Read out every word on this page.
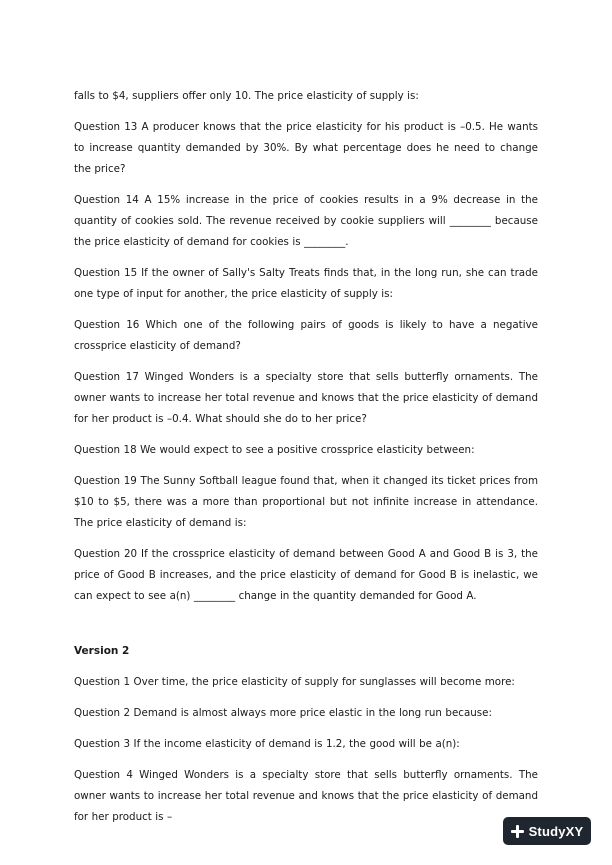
falls to $4, suppliers offer only 10. The price elasticity of supply is:

Question 13 A producer knows that the price elasticity for his product is –0.5. He wants to increase quantity demanded by 30%. By what percentage does he need to change the price?

Question 14 A 15% increase in the price of cookies results in a 9% decrease in the quantity of cookies sold. The revenue received by cookie suppliers will ________ because the price elasticity of demand for cookies is ________.

Question 15 If the owner of Sally's Salty Treats finds that, in the long run, she can trade one type of input for another, the price elasticity of supply is:

Question 16 Which one of the following pairs of goods is likely to have a negative crossprice elasticity of demand?

Question 17 Winged Wonders is a specialty store that sells butterfly ornaments. The owner wants to increase her total revenue and knows that the price elasticity of demand for her product is –0.4. What should she do to her price?

Question 18 We would expect to see a positive crossprice elasticity between:

Question 19 The Sunny Softball league found that, when it changed its ticket prices from $10 to $5, there was a more than proportional but not infinite increase in attendance. The price elasticity of demand is:

Question 20 If the crossprice elasticity of demand between Good A and Good B is 3, the price of Good B increases, and the price elasticity of demand for Good B is inelastic, we can expect to see a(n) ________ change in the quantity demanded for Good A.

Version 2

Question 1 Over time, the price elasticity of supply for sunglasses will become more:

Question 2 Demand is almost always more price elastic in the long run because:

Question 3 If the income elasticity of demand is 1.2, the good will be a(n):

Question 4 Winged Wonders is a specialty store that sells butterfly ornaments. The owner wants to increase her total revenue and knows that the price elasticity of demand for her product is –

StudyXY
